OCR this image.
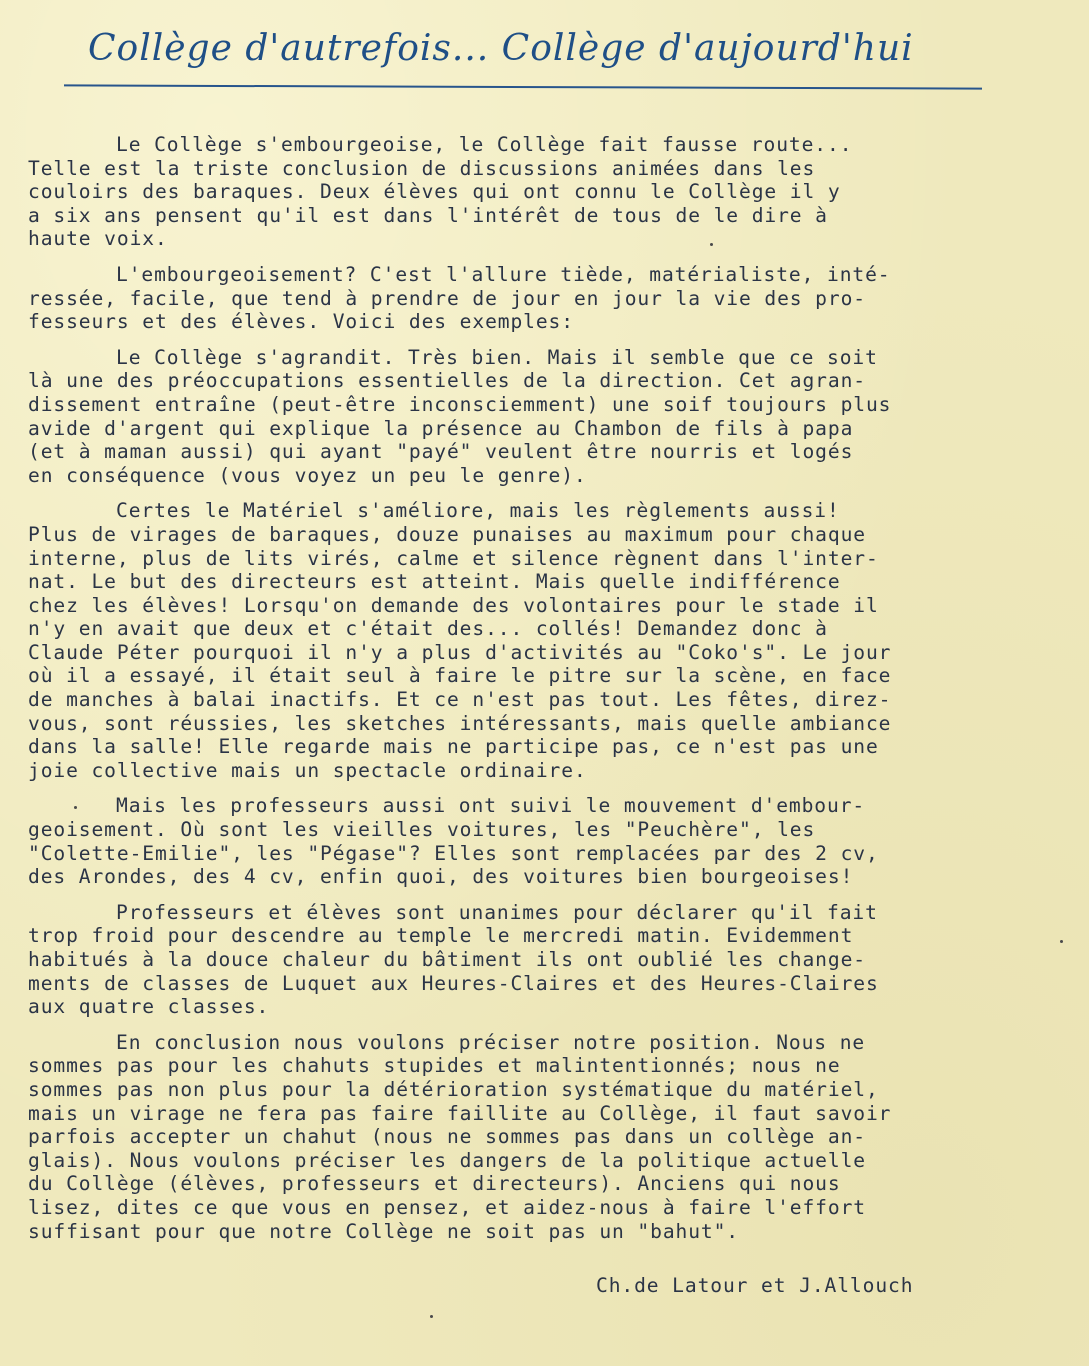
Collège d'autrefois... Collège d'aujourd'hui
Le Collège s'embourgeoise, le Collège fait fausse route...
Telle est la triste conclusion de discussions animées dans les
couloirs des baraques. Deux élèves qui ont connu le Collège il y
a six ans pensent qu'il est dans l'intérêt de tous de le dire à
haute voix.
L'embourgeoisement? C'est l'allure tiède, matérialiste, inté-
ressée, facile, que tend à prendre de jour en jour la vie des pro-
fesseurs et des élèves. Voici des exemples:
Le Collège s'agrandit. Très bien. Mais il semble que ce soit
là une des préoccupations essentielles de la direction. Cet agran-
dissement entraîne (peut-être inconsciemment) une soif toujours plus
avide d'argent qui explique la présence au Chambon de fils à papa
(et à maman aussi) qui ayant "payé" veulent être nourris et logés
en conséquence (vous voyez un peu le genre).
Certes le Matériel s'améliore, mais les règlements aussi!
Plus de virages de baraques, douze punaises au maximum pour chaque
interne, plus de lits virés, calme et silence règnent dans l'inter-
nat. Le but des directeurs est atteint. Mais quelle indifférence
chez les élèves! Lorsqu'on demande des volontaires pour le stade il
n'y en avait que deux et c'était des... collés! Demandez donc à
Claude Péter pourquoi il n'y a plus d'activités au "Coko's". Le jour
où il a essayé, il était seul à faire le pitre sur la scène, en face
de manches à balai inactifs. Et ce n'est pas tout. Les fêtes, direz-
vous, sont réussies, les sketches intéressants, mais quelle ambiance
dans la salle! Elle regarde mais ne participe pas, ce n'est pas une
joie collective mais un spectacle ordinaire.
Mais les professeurs aussi ont suivi le mouvement d'embour-
geoisement. Où sont les vieilles voitures, les "Peuchère", les
"Colette-Emilie", les "Pégase"? Elles sont remplacées par des 2 cv,
des Arondes, des 4 cv, enfin quoi, des voitures bien bourgeoises!
Professeurs et élèves sont unanimes pour déclarer qu'il fait
trop froid pour descendre au temple le mercredi matin. Evidemment
habitués à la douce chaleur du bâtiment ils ont oublié les change-
ments de classes de Luquet aux Heures-Claires et des Heures-Claires
aux quatre classes.
En conclusion nous voulons préciser notre position. Nous ne
sommes pas pour les chahuts stupides et malintentionnés; nous ne
sommes pas non plus pour la détérioration systématique du matériel,
mais un virage ne fera pas faire faillite au Collège, il faut savoir
parfois accepter un chahut (nous ne sommes pas dans un collège an-
glais). Nous voulons préciser les dangers de la politique actuelle
du Collège (élèves, professeurs et directeurs). Anciens qui nous
lisez, dites ce que vous en pensez, et aidez-nous à faire l'effort
suffisant pour que notre Collège ne soit pas un "bahut".
Ch.de Latour et J.Allouch
